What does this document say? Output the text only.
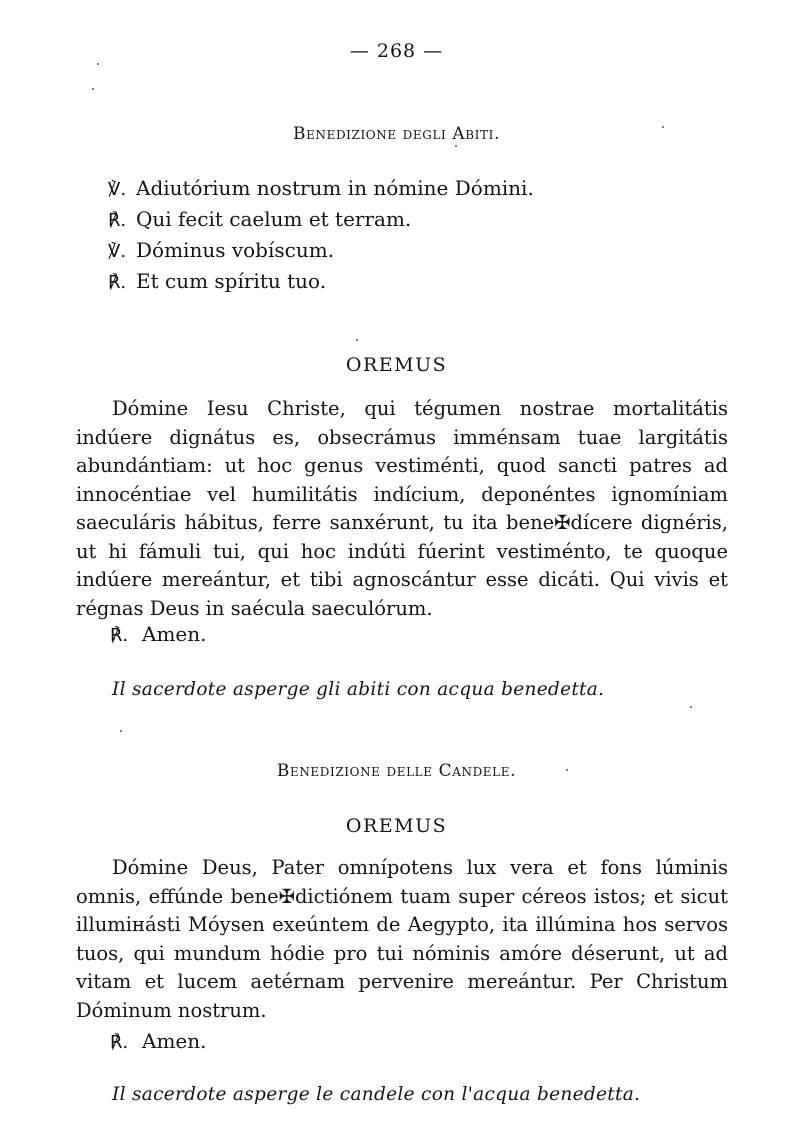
— 268 —
Benedizione degli Abiti.
℣. Adiutórium nostrum in nómine Dómini.
℟. Qui fecit caelum et terram.
℣. Dóminus vobíscum.
℟. Et cum spíritu tuo.
OREMUS
Dómine Iesu Christe, qui tégumen nostrae mortalitátis indúere dignátus es, obsecrámus imménsam tuae largitátis abundántiam: ut hoc genus vestiménti, quod sancti patres ad innocéntiae vel humilitátis indícium, deponéntes ignomíniam saeculáris hábitus, ferre sanxérunt, tu ita bene✠dícere dignéris, ut hi fámuli tui, qui hoc indúti fúerint vestiménto, te quoque indúere mereántur, et tibi agnoscántur esse dicáti. Qui vivis et régnas Deus in saécula saeculórum.
℟. Amen.
Il sacerdote asperge gli abiti con acqua benedetta.
Benedizione delle Candele.
OREMUS
Dómine Deus, Pater omnípotens lux vera et fons lúminis omnis, effúnde bene✠dictiónem tuam super céreos istos; et sicut illumінásti Móysen exeúntem de Aegypto, ita illúmina hos servos tuos, qui mundum hódie pro tui nóminis amóre déserunt, ut ad vitam et lucem aetérnam pervenire mereántur. Per Christum Dóminum nostrum.
℟. Amen.
Il sacerdote asperge le candele con l'acqua benedetta.
